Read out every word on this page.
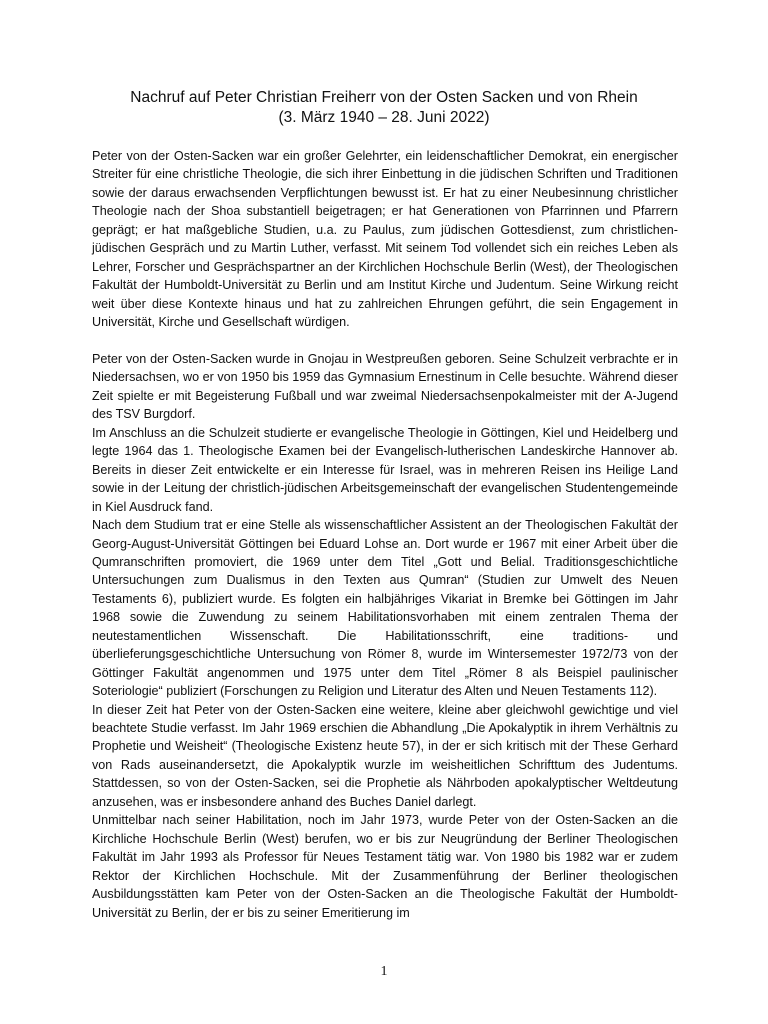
Nachruf auf Peter Christian Freiherr von der Osten Sacken und von Rhein
(3. März 1940 – 28. Juni 2022)

Peter von der Osten-Sacken war ein großer Gelehrter, ein leidenschaftlicher Demokrat, ein energischer Streiter für eine christliche Theologie, die sich ihrer Einbettung in die jüdischen Schriften und Traditionen sowie der daraus erwachsenden Verpflichtungen bewusst ist. Er hat zu einer Neubesinnung christlicher Theologie nach der Shoa substantiell beigetragen; er hat Generationen von Pfarrinnen und Pfarrern geprägt; er hat maßgebliche Studien, u.a. zu Paulus, zum jüdischen Gottesdienst, zum christlichen-jüdischen Gespräch und zu Martin Luther, verfasst. Mit seinem Tod vollendet sich ein reiches Leben als Lehrer, Forscher und Gesprächspartner an der Kirchlichen Hochschule Berlin (West), der Theologischen Fakultät der Humboldt-Universität zu Berlin und am Institut Kirche und Judentum. Seine Wirkung reicht weit über diese Kontexte hinaus und hat zu zahlreichen Ehrungen geführt, die sein Engagement in Universität, Kirche und Gesellschaft würdigen.

Peter von der Osten-Sacken wurde in Gnojau in Westpreußen geboren. Seine Schulzeit verbrachte er in Niedersachsen, wo er von 1950 bis 1959 das Gymnasium Ernestinum in Celle besuchte. Während dieser Zeit spielte er mit Begeisterung Fußball und war zweimal Niedersachsenpokalmeister mit der A-Jugend des TSV Burgdorf.

Im Anschluss an die Schulzeit studierte er evangelische Theologie in Göttingen, Kiel und Heidelberg und legte 1964 das 1. Theologische Examen bei der Evangelisch-lutherischen Landeskirche Hannover ab. Bereits in dieser Zeit entwickelte er ein Interesse für Israel, was in mehreren Reisen ins Heilige Land sowie in der Leitung der christlich-jüdischen Arbeitsgemeinschaft der evangelischen Studentengemeinde in Kiel Ausdruck fand.

Nach dem Studium trat er eine Stelle als wissenschaftlicher Assistent an der Theologischen Fakultät der Georg-August-Universität Göttingen bei Eduard Lohse an. Dort wurde er 1967 mit einer Arbeit über die Qumranschriften promoviert, die 1969 unter dem Titel „Gott und Belial. Traditionsgeschichtliche Untersuchungen zum Dualismus in den Texten aus Qumran“ (Studien zur Umwelt des Neuen Testaments 6), publiziert wurde. Es folgten ein halbjähriges Vikariat in Bremke bei Göttingen im Jahr 1968 sowie die Zuwendung zu seinem Habilitationsvorhaben mit einem zentralen Thema der neutestamentlichen Wissenschaft. Die Habilitationsschrift, eine traditions- und überlieferungsgeschichtliche Untersuchung von Römer 8, wurde im Wintersemester 1972/73 von der Göttinger Fakultät angenommen und 1975 unter dem Titel „Römer 8 als Beispiel paulinischer Soteriologie“ publiziert (Forschungen zu Religion und Literatur des Alten und Neuen Testaments 112).

In dieser Zeit hat Peter von der Osten-Sacken eine weitere, kleine aber gleichwohl gewichtige und viel beachtete Studie verfasst. Im Jahr 1969 erschien die Abhandlung „Die Apokalyptik in ihrem Verhältnis zu Prophetie und Weisheit“ (Theologische Existenz heute 57), in der er sich kritisch mit der These Gerhard von Rads auseinandersetzt, die Apokalyptik wurzle im weisheitlichen Schrifttum des Judentums. Stattdessen, so von der Osten-Sacken, sei die Prophetie als Nährboden apokalyptischer Weltdeutung anzusehen, was er insbesondere anhand des Buches Daniel darlegt.

Unmittelbar nach seiner Habilitation, noch im Jahr 1973, wurde Peter von der Osten-Sacken an die Kirchliche Hochschule Berlin (West) berufen, wo er bis zur Neugründung der Berliner Theologischen Fakultät im Jahr 1993 als Professor für Neues Testament tätig war. Von 1980 bis 1982 war er zudem Rektor der Kirchlichen Hochschule. Mit der Zusammenführung der Berliner theologischen Ausbildungsstätten kam Peter von der Osten-Sacken an die Theologische Fakultät der Humboldt-Universität zu Berlin, der er bis zu seiner Emeritierung im

1
